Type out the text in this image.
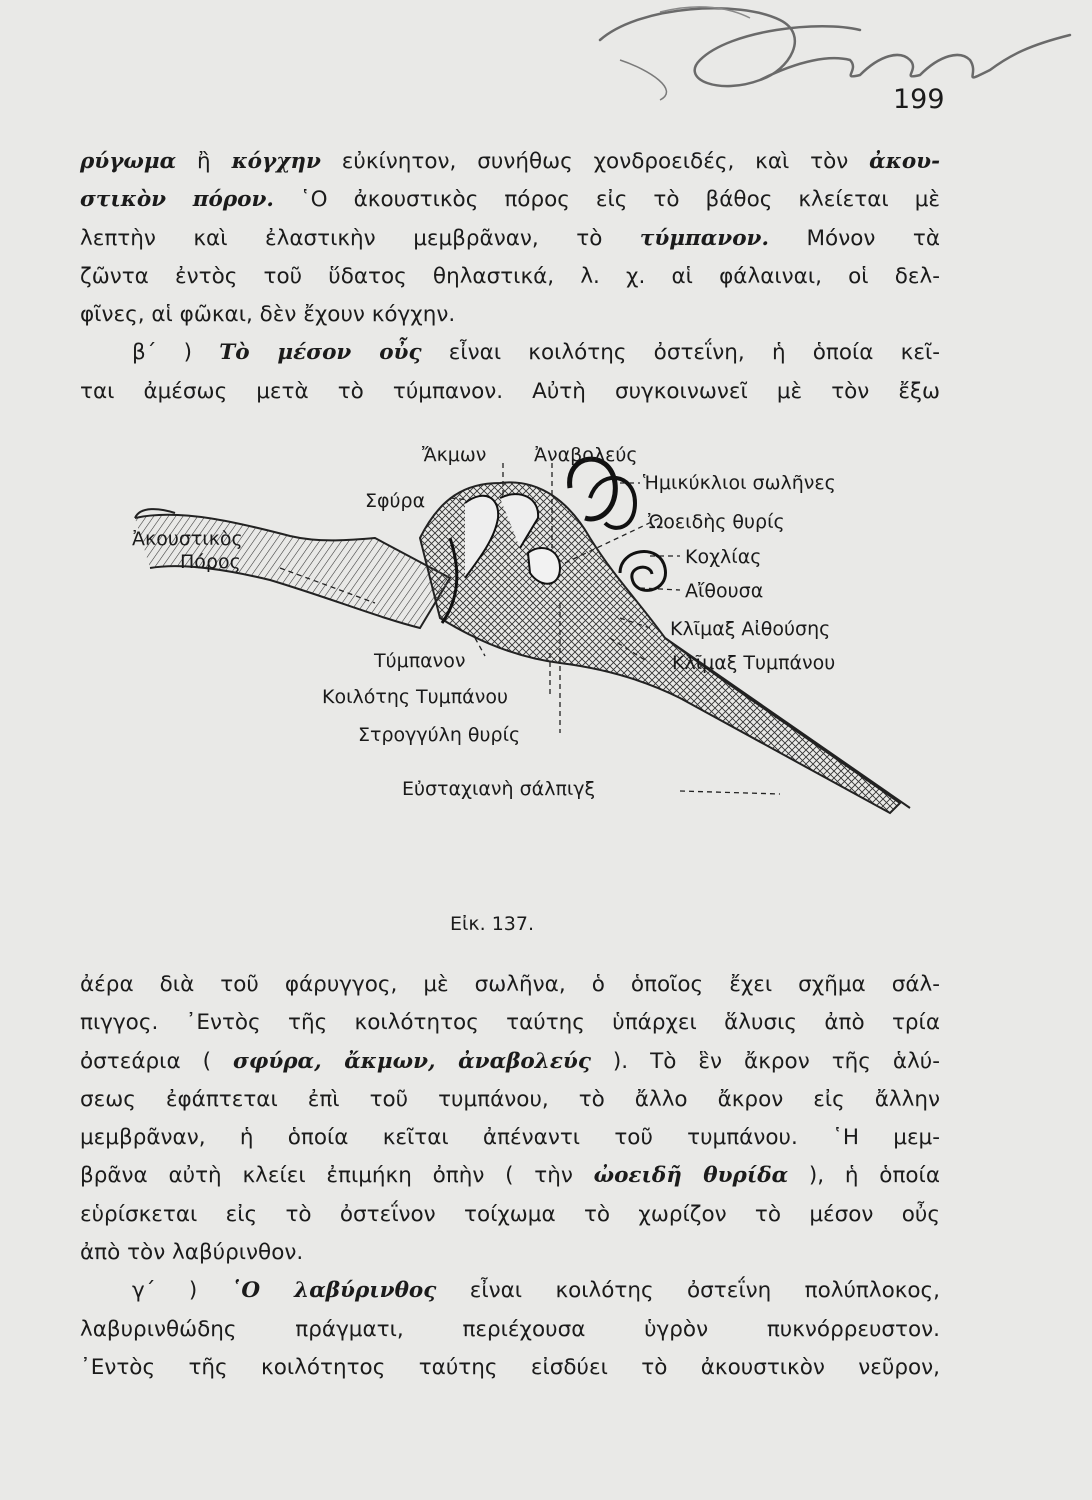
199
ρύγωμα ἢ κόγχην εὐκίνητον, συνήθως χονδροειδές, καὶ τὸν ἀκου-
στικὸν πόρον. ῾Ο ἀκουστικὸς πόρος εἰς τὸ βάθος κλείεται μὲ
λεπτὴν καὶ ἐλαστικὴν μεμβρᾶναν, τὸ τύμπανον. Μόνον τὰ
ζῶντα ἐντὸς τοῦ ὕδατος θηλαστικά, λ. χ. αἱ φάλαιναι, οἱ δελ-
φῖνες, αἱ φῶκαι, δὲν ἔχουν κόγχην.
β΄ ) Τὸ μέσον οὖς εἶναι κοιλότης ὀστεΐνη, ἡ ὁποία κεῖ-
ται ἀμέσως μετὰ τὸ τύμπανον. Αὐτὴ συγκοινωνεῖ μὲ τὸν ἔξω
Ἄκμων	Ἀναβολεύς
Ἡμικύκλιοι σωλῆνες
Σφύρα
Ὠοειδὴς θυρίς
Ἀκουστικὸς
Πόρος	Κοχλίας
Αἴθουσα
Κλῖμαξ Αἰθούσης
Τύμπανον	Κλῖμαξ Τυμπάνου
Κοιλότης Τυμπάνου
Στρογγύλη θυρίς
Εὐσταχιανὴ σάλπιγξ
Εἰκ. 137.
ἀέρα διὰ τοῦ φάρυγγος, μὲ σωλῆνα, ὁ ὁποῖος ἔχει σχῆμα σάλ-
πιγγος. ᾿Εντὸς τῆς κοιλότητος ταύτης ὑπάρχει ἅλυσις ἀπὸ τρία
ὀστεάρια ( σφύρα, ἄκμων, ἀναβολεύς ). Τὸ ἓν ἄκρον τῆς ἁλύ-
σεως ἐφάπτεται ἐπὶ τοῦ τυμπάνου, τὸ ἄλλο ἄκρον εἰς ἄλλην
μεμβρᾶναν, ἡ ὁποία κεῖται ἀπέναντι τοῦ τυμπάνου. ῾Η μεμ-
βρᾶνα αὐτὴ κλείει ἐπιμήκη ὀπὴν ( τὴν ὠοειδῆ θυρίδα ), ἡ ὁποία
εὑρίσκεται εἰς τὸ ὀστεΐνον τοίχωμα τὸ χωρίζον τὸ μέσον οὖς
ἀπὸ τὸν λαβύρινθον.
γ΄ ) ῾Ο λαβύρινθος εἶναι κοιλότης ὀστεΐνη πολύπλοκος,
λαβυρινθώδης πράγματι, περιέχουσα ὑγρὸν πυκνόρρευστον.
᾿Εντὸς τῆς κοιλότητος ταύτης εἰσδύει τὸ ἀκουστικὸν νεῦρον,
